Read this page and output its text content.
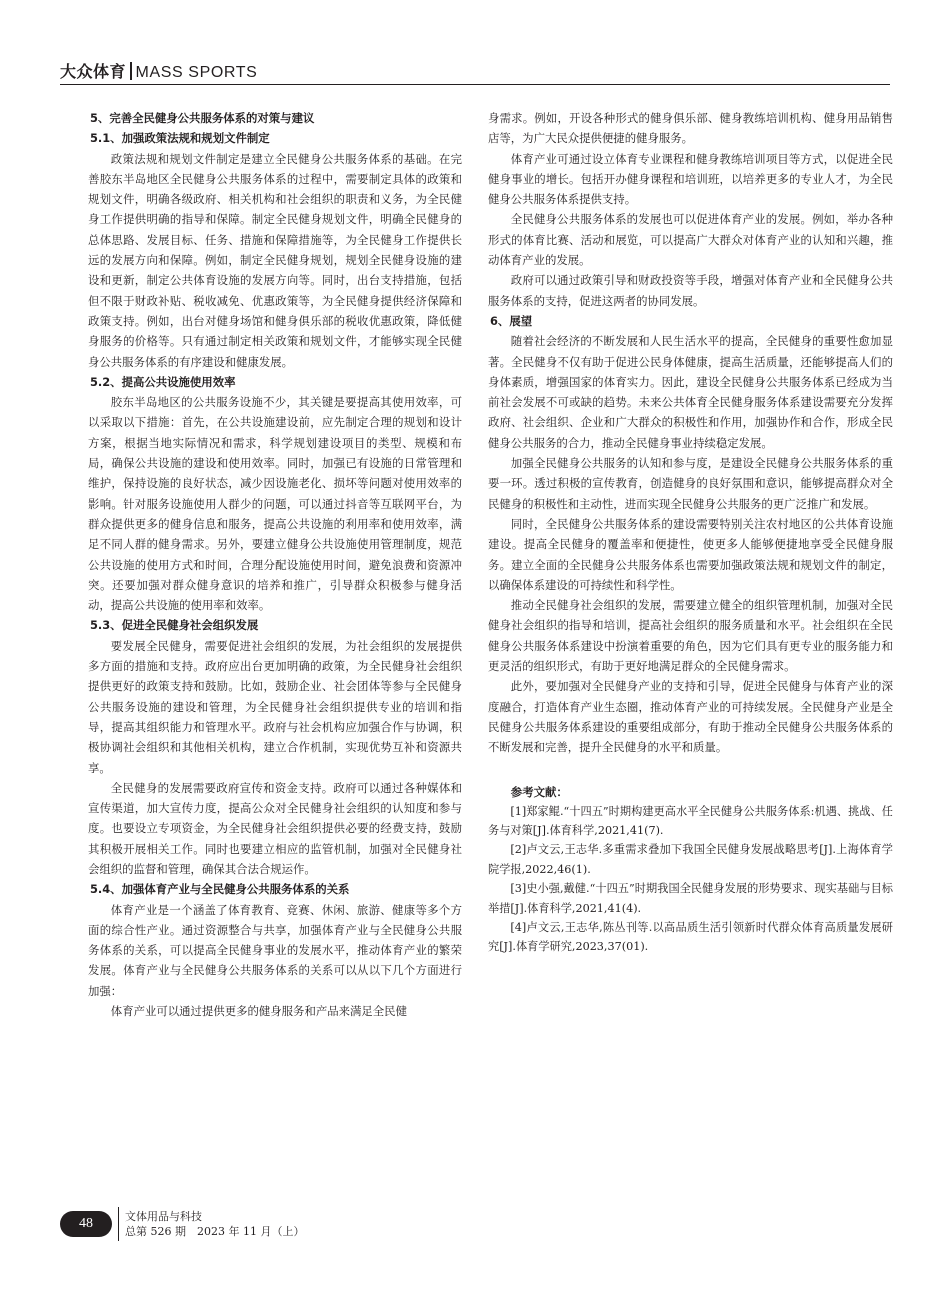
大众体育 MASS SPORTS
5、完善全民健身公共服务体系的对策与建议
5.1、加强政策法规和规划文件制定

政策法规和规划文件制定是建立全民健身公共服务体系的基础。在完善胶东半岛地区全民健身公共服务体系的过程中，需要制定具体的政策和规划文件，明确各级政府、相关机构和社会组织的职责和义务，为全民健身工作提供明确的指导和保障。制定全民健身规划文件，明确全民健身的总体思路、发展目标、任务、措施和保障措施等，为全民健身工作提供长远的发展方向和保障。例如，制定全民健身规划，规划全民健身设施的建设和更新，制定公共体育设施的发展方向等。同时，出台支持措施，包括但不限于财政补贴、税收减免、优惠政策等，为全民健身提供经济保障和政策支持。例如，出台对健身场馆和健身俱乐部的税收优惠政策，降低健身服务的价格等。只有通过制定相关政策和规划文件，才能够实现全民健身公共服务体系的有序建设和健康发展。

5.2、提高公共设施使用效率

胶东半岛地区的公共服务设施不少，其关键是要提高其使用效率，可以采取以下措施：首先，在公共设施建设前，应先制定合理的规划和设计方案，根据当地实际情况和需求，科学规划建设项目的类型、规模和布局，确保公共设施的建设和使用效率。同时，加强已有设施的日常管理和维护，保持设施的良好状态，减少因设施老化、损坏等问题对使用效率的影响。针对服务设施使用人群少的问题，可以通过抖音等互联网平台，为群众提供更多的健身信息和服务，提高公共设施的利用率和使用效率，满足不同人群的健身需求。另外，要建立健身公共设施使用管理制度，规范公共设施的使用方式和时间，合理分配设施使用时间，避免浪费和资源冲突。还要加强对群众健身意识的培养和推广，引导群众积极参与健身活动，提高公共设施的使用率和效率。

5.3、促进全民健身社会组织发展

要发展全民健身，需要促进社会组织的发展，为社会组织的发展提供多方面的措施和支持。政府应出台更加明确的政策，为全民健身社会组织提供更好的政策支持和鼓励。比如，鼓励企业、社会团体等参与全民健身公共服务设施的建设和管理，为全民健身社会组织提供专业的培训和指导，提高其组织能力和管理水平。政府与社会机构应加强合作与协调，积极协调社会组织和其他相关机构，建立合作机制，实现优势互补和资源共享。

全民健身的发展需要政府宣传和资金支持。政府可以通过各种媒体和宣传渠道，加大宣传力度，提高公众对全民健身社会组织的认知度和参与度。也要设立专项资金，为全民健身社会组织提供必要的经费支持，鼓励其积极开展相关工作。同时也要建立相应的监管机制，加强对全民健身社会组织的监督和管理，确保其合法合规运作。

5.4、加强体育产业与全民健身公共服务体系的关系

体育产业是一个涵盖了体育教育、竞赛、休闲、旅游、健康等多个方面的综合性产业。通过资源整合与共享，加强体育产业与全民健身公共服务体系的关系，可以提高全民健身事业的发展水平，推动体育产业的繁荣发展。体育产业与全民健身公共服务体系的关系可以从以下几个方面进行加强：

体育产业可以通过提供更多的健身服务和产品来满足全民健

身需求。例如，开设各种形式的健身俱乐部、健身教练培训机构、健身用品销售店等，为广大民众提供便捷的健身服务。

体育产业可通过设立体育专业课程和健身教练培训项目等方式，以促进全民健身事业的增长。包括开办健身课程和培训班，以培养更多的专业人才，为全民健身公共服务体系提供支持。

全民健身公共服务体系的发展也可以促进体育产业的发展。例如，举办各种形式的体育比赛、活动和展览，可以提高广大群众对体育产业的认知和兴趣，推动体育产业的发展。

政府可以通过政策引导和财政投资等手段，增强对体育产业和全民健身公共服务体系的支持，促进这两者的协同发展。

6、展望

随着社会经济的不断发展和人民生活水平的提高，全民健身的重要性愈加显著。全民健身不仅有助于促进公民身体健康，提高生活质量，还能够提高人们的身体素质，增强国家的体育实力。因此，建设全民健身公共服务体系已经成为当前社会发展不可或缺的趋势。未来公共体育全民健身服务体系建设需要充分发挥政府、社会组织、企业和广大群众的积极性和作用，加强协作和合作，形成全民健身公共服务的合力，推动全民健身事业持续稳定发展。

加强全民健身公共服务的认知和参与度，是建设全民健身公共服务体系的重要一环。透过积极的宣传教育，创造健身的良好氛围和意识，能够提高群众对全民健身的积极性和主动性，进而实现全民健身公共服务的更广泛推广和发展。

同时，全民健身公共服务体系的建设需要特别关注农村地区的公共体育设施建设。提高全民健身的覆盖率和便捷性，使更多人能够便捷地享受全民健身服务。建立全面的全民健身公共服务体系也需要加强政策法规和规划文件的制定，以确保体系建设的可持续性和科学性。

推动全民健身社会组织的发展，需要建立健全的组织管理机制，加强对全民健身社会组织的指导和培训，提高社会组织的服务质量和水平。社会组织在全民健身公共服务体系建设中扮演着重要的角色，因为它们具有更专业的服务能力和更灵活的组织形式，有助于更好地满足群众的全民健身需求。

此外，要加强对全民健身产业的支持和引导，促进全民健身与体育产业的深度融合，打造体育产业生态圈，推动体育产业的可持续发展。全民健身产业是全民健身公共服务体系建设的重要组成部分，有助于推动全民健身公共服务体系的不断发展和完善，提升全民健身的水平和质量。

参考文献：

[1]郑家鲲.“十四五”时期构建更高水平全民健身公共服务体系:机遇、挑战、任务与对策[J].体育科学,2021,41(7).

[2]卢文云,王志华.多重需求叠加下我国全民健身发展战略思考[J].上海体育学院学报,2022,46(1).

[3]史小强,戴健.“十四五”时期我国全民健身发展的形势要求、现实基础与目标举措[J].体育科学,2021,41(4).

[4]卢文云,王志华,陈丛刊等.以高品质生活引领新时代群众体育高质量发展研究[J].体育学研究,2023,37(01).

48	文体用品与科技
总第 526 期　2023 年 11 月（上）
